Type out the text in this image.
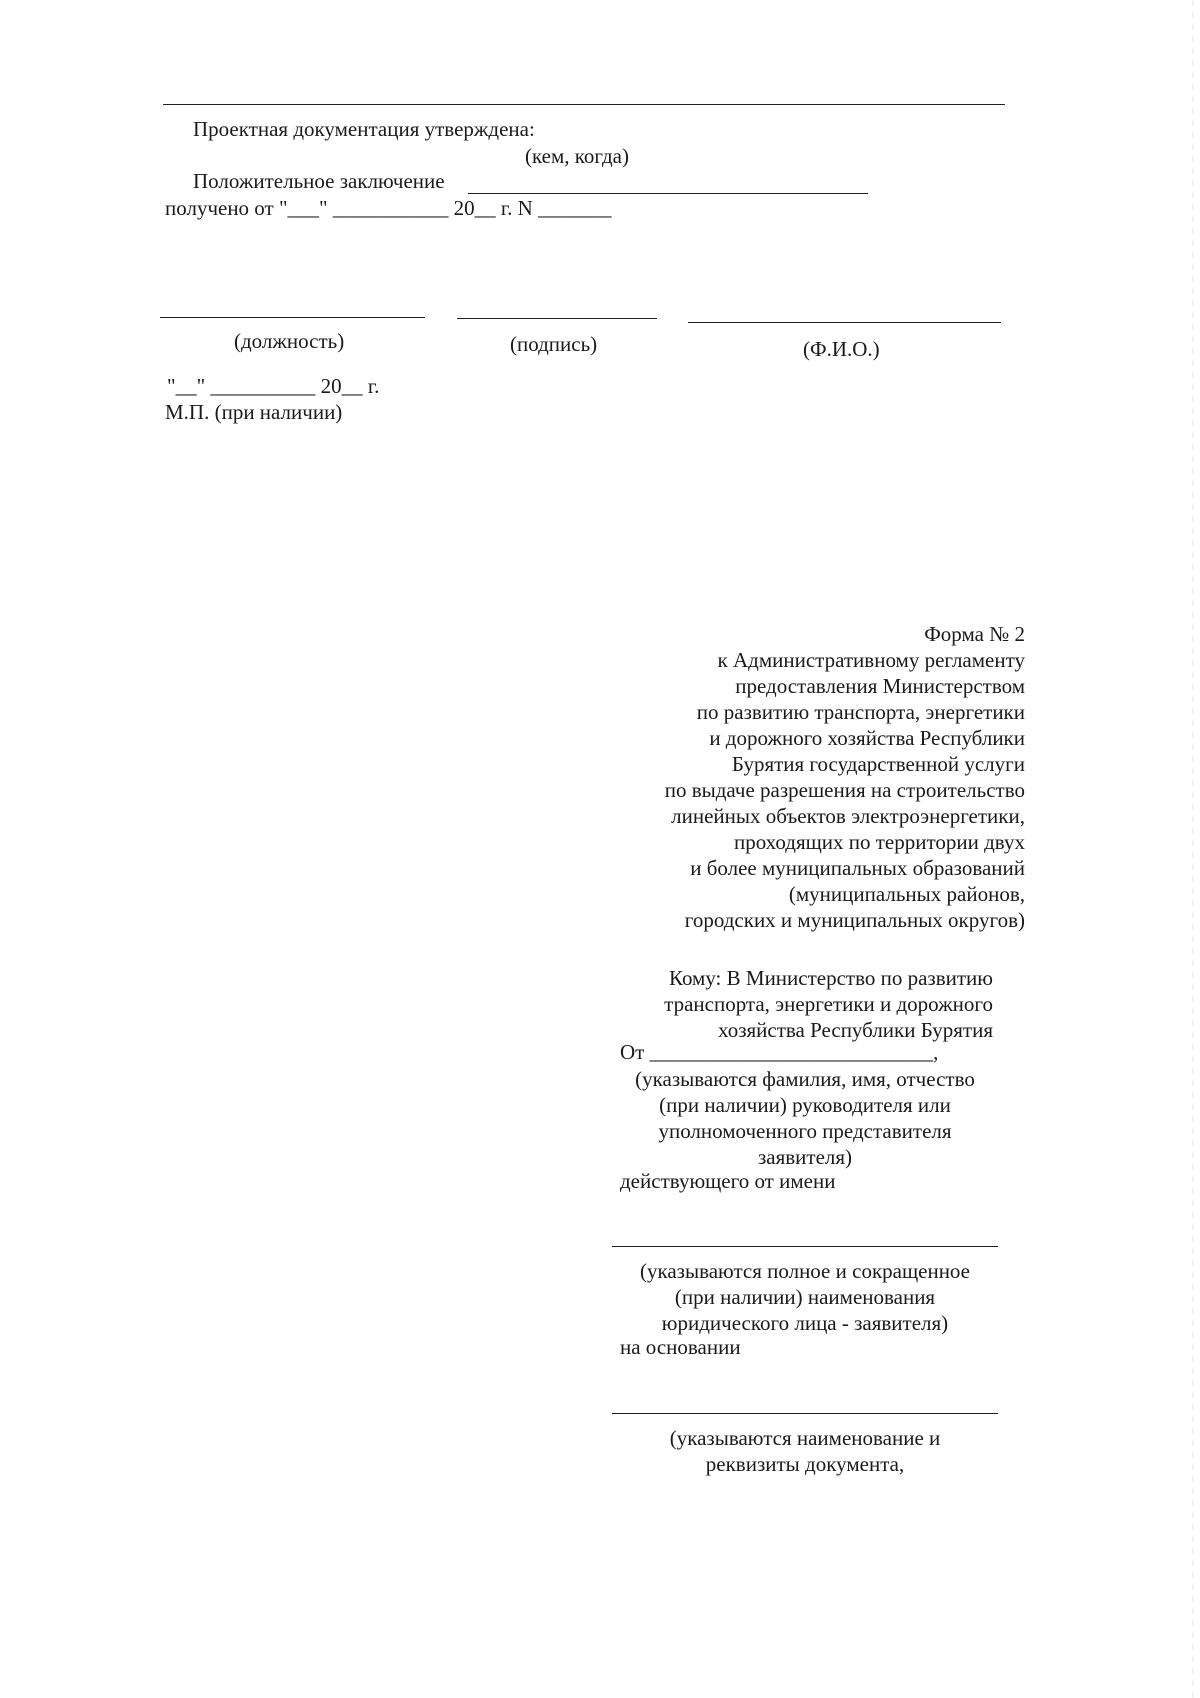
Проектная документация утверждена:
(кем, когда)
Положительное заключение
получено от "___" ___________ 20__ г. N _______
(должность)	(подпись)	(Ф.И.О.)
"__" __________ 20__ г.
М.П. (при наличии)
Форма № 2
к Административному регламенту
предоставления Министерством
по развитию транспорта, энергетики
и дорожного хозяйства Республики
Бурятия государственной услуги
по выдаче разрешения на строительство
линейных объектов электроэнергетики,
проходящих по территории двух
и более муниципальных образований
(муниципальных районов,
городских и муниципальных округов)
Кому: В Министерство по развитию
транспорта, энергетики и дорожного
хозяйства Республики Бурятия
От ___________________________,
(указываются фамилия, имя, отчество
(при наличии) руководителя или
уполномоченного представителя
заявителя)
действующего от имени
(указываются полное и сокращенное
(при наличии) наименования
юридического лица - заявителя)
на основании
(указываются наименование и
реквизиты документа,
